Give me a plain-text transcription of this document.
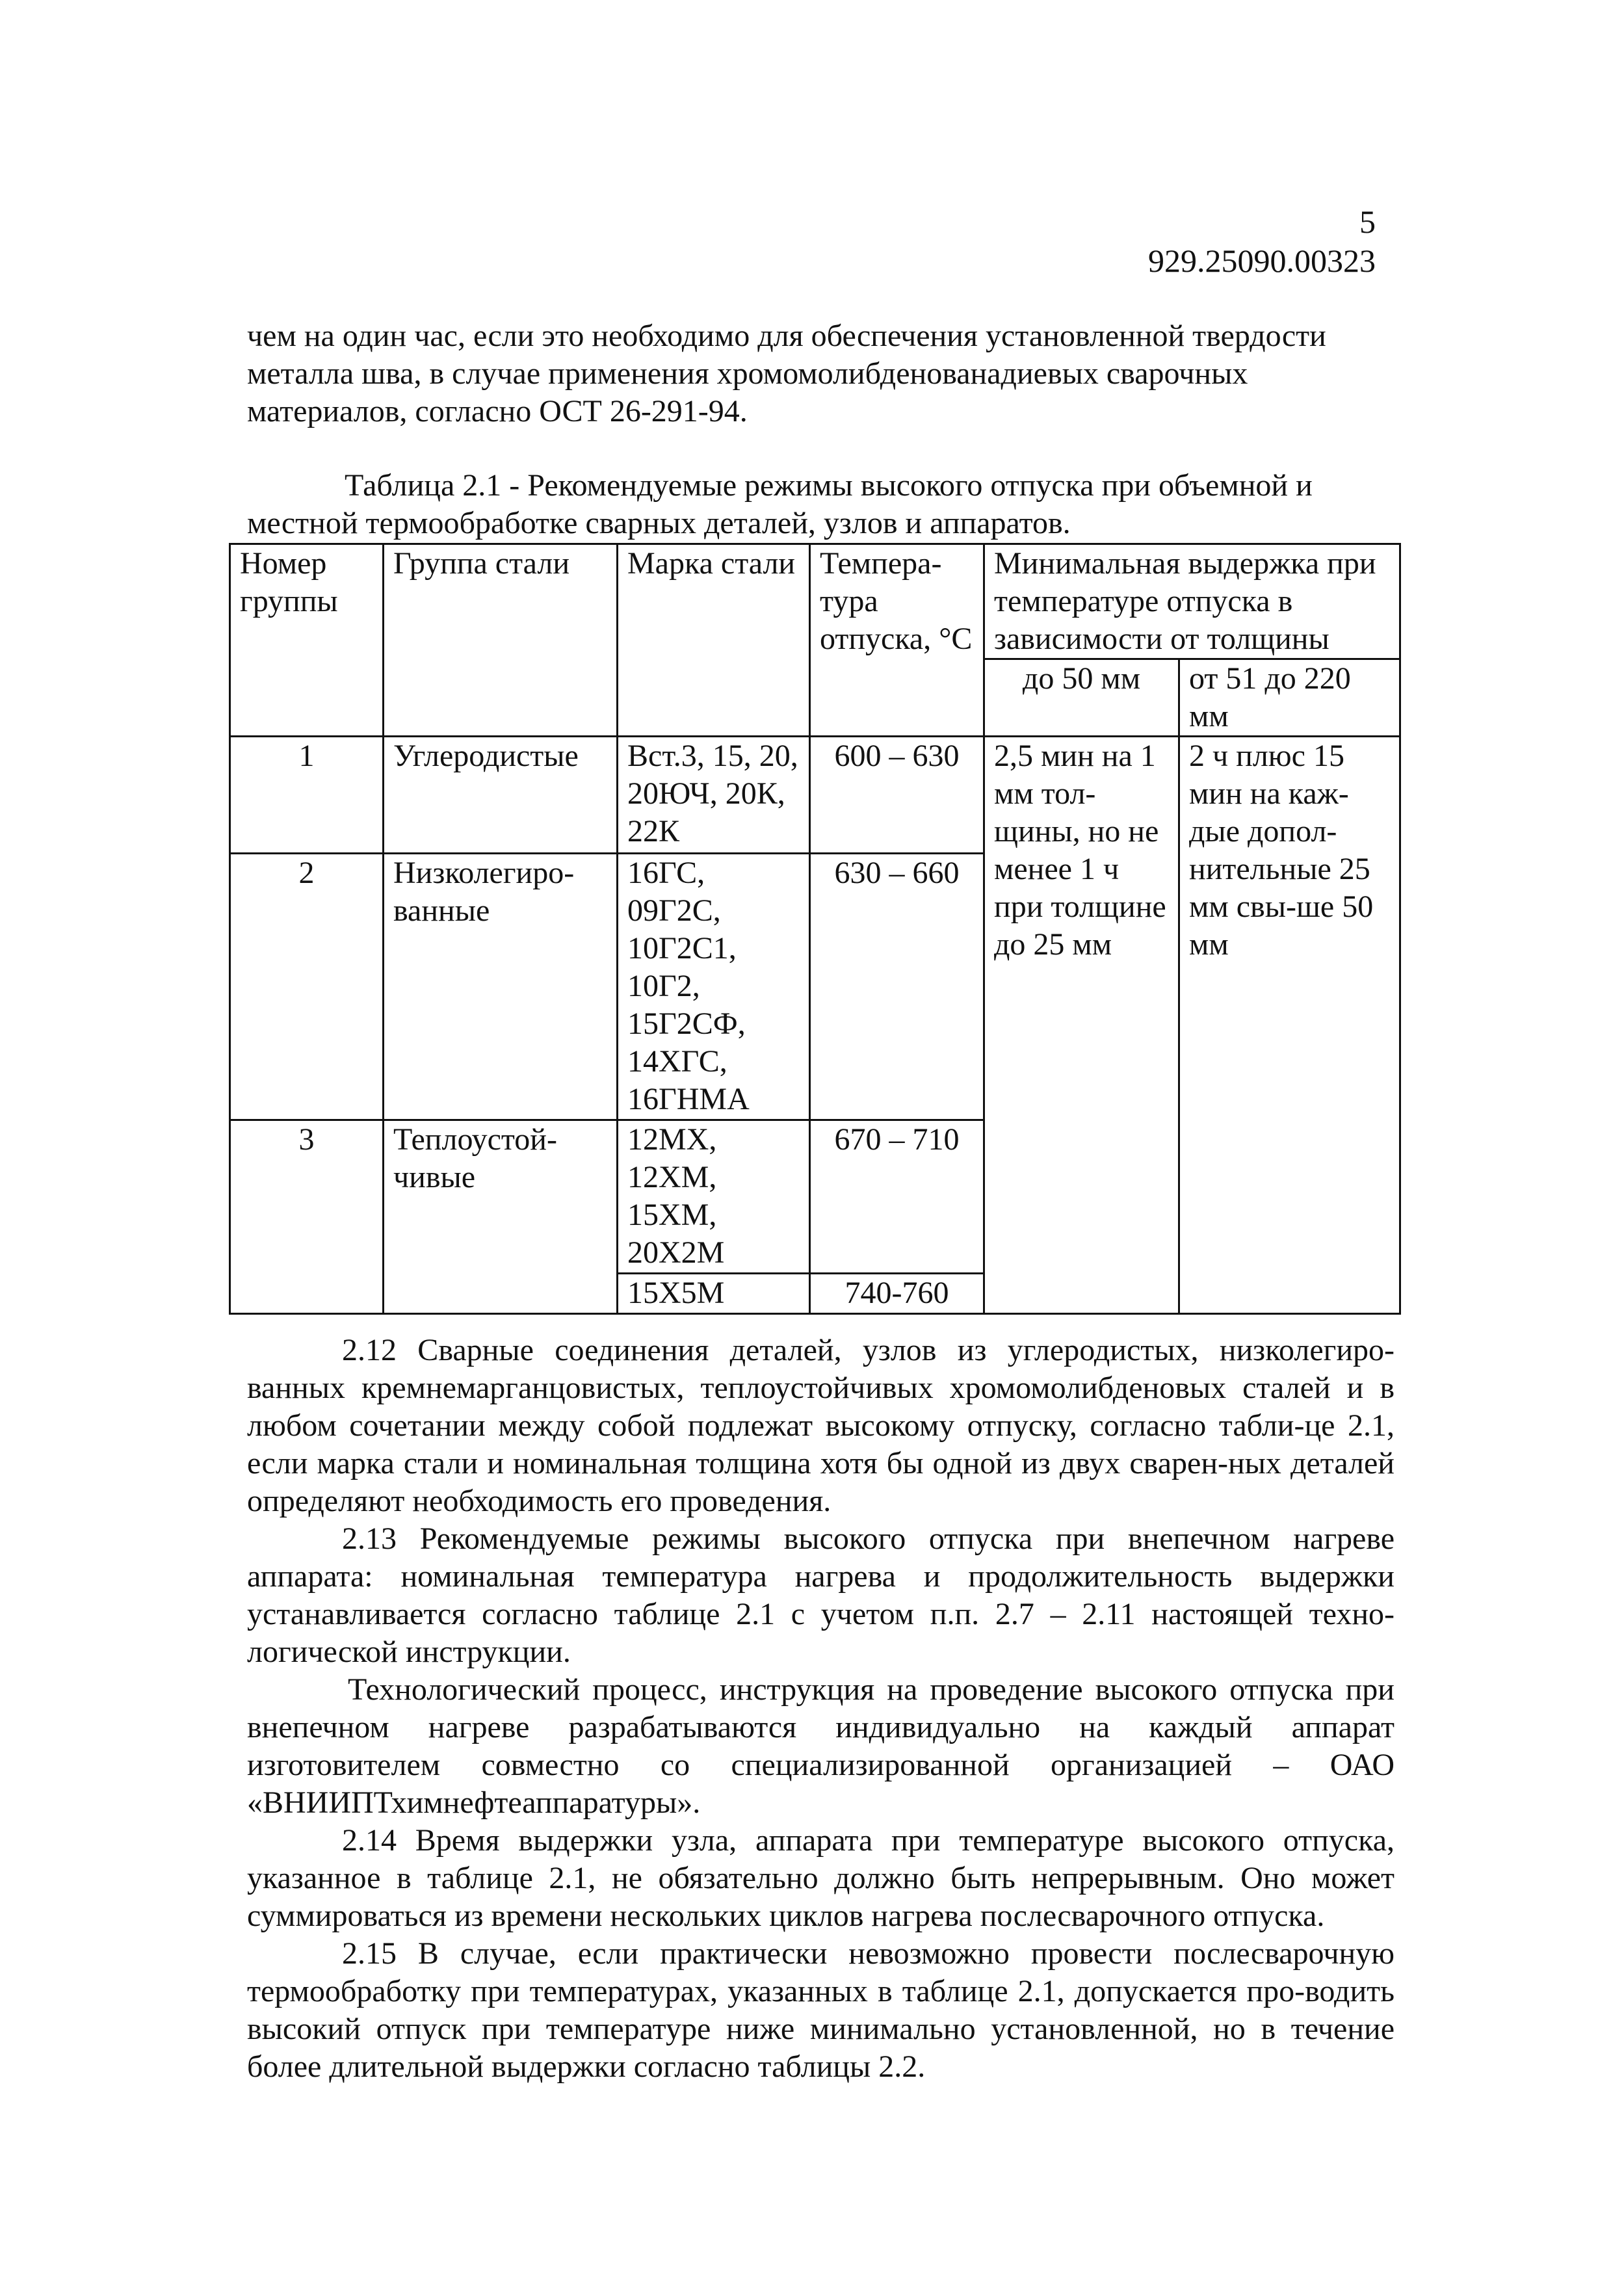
5
929.25090.00323

чем на один час, если это необходимо для обеспечения установленной твердости металла шва, в случае применения хромомолибденованадиевых сварочных материалов, согласно ОСТ 26-291-94.

Таблица 2.1 - Рекомендуемые режимы высокого отпуска при объемной и местной термообработке сварных деталей, узлов и аппаратов.

Номер группы	Группа стали	Марка стали	Темпера-тура отпуска, °С	Минимальная выдержка при температуре отпуска в зависимости от толщины	
				до 50 мм	от 51 до 220 мм
1	Углеродистые	Вст.3, 15, 20, 20ЮЧ, 20К, 22К	600 – 630	2,5 мин на 1 мм тол-щины, но не менее 1 ч при толщине до 25 мм	2 ч плюс 15 мин на каж-дые допол-нительные 25 мм свы-ше 50 мм
2	Низколегиро-ванные	16ГС, 09Г2С, 10Г2С1, 10Г2, 15Г2СФ, 14ХГС, 16ГНМА	630 – 660		
3	Теплоустой-чивые	12МХ, 12ХМ, 15ХМ, 20Х2М	670 – 710		
		15Х5М	740-760		

2.12 Сварные соединения деталей, узлов из углеродистых, низколегиро-ванных кремнемарганцовистых, теплоустойчивых хромомолибденовых сталей и в любом сочетании между собой подлежат высокому отпуску, согласно табли-це 2.1, если марка стали и номинальная толщина хотя бы одной из двух сварен-ных деталей определяют необходимость его проведения.

2.13 Рекомендуемые режимы высокого отпуска при внепечном нагреве аппарата: номинальная температура нагрева и продолжительность выдержки устанавливается согласно таблице 2.1 с учетом п.п. 2.7 – 2.11 настоящей техно-логической инструкции.

Технологический процесс, инструкция на проведение высокого отпуска при внепечном нагреве разрабатываются индивидуально на каждый аппарат изготовителем совместно со специализированной организацией – ОАО «ВНИИПТхимнефтеаппаратуры».

2.14 Время выдержки узла, аппарата при температуре высокого отпуска, указанное в таблице 2.1, не обязательно должно быть непрерывным. Оно может суммироваться из времени нескольких циклов нагрева послесварочного отпуска.

2.15 В случае, если практически невозможно провести послесварочную термообработку при температурах, указанных в таблице 2.1, допускается про-водить высокий отпуск при температуре ниже минимально установленной, но в течение более длительной выдержки согласно таблицы 2.2.
